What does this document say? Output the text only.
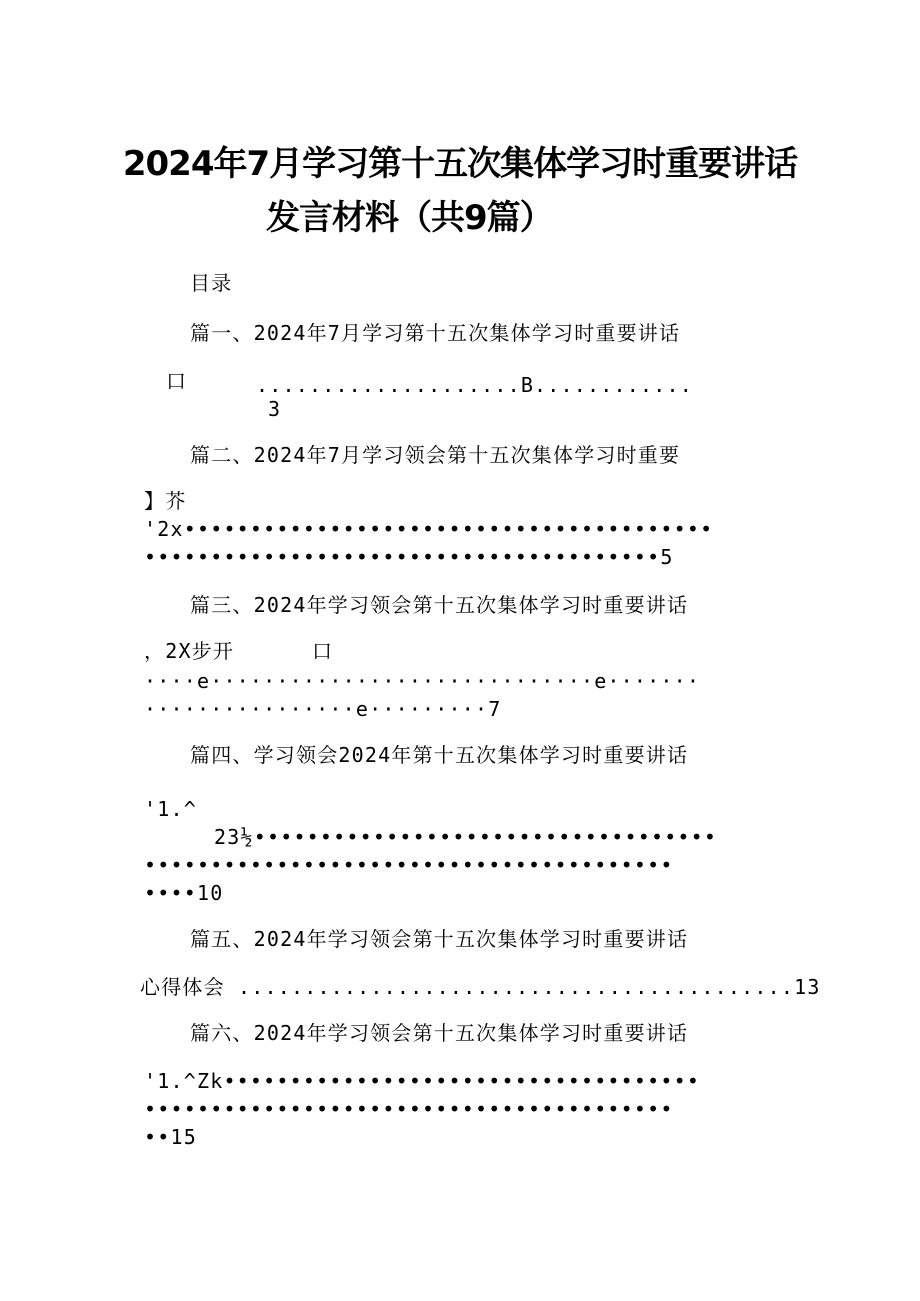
2024年7月学习第十五次集体学习时重要讲话
发言材料（共9篇）
目录
篇一、2024年7月学习第十五次集体学习时重要讲话
口	....................B............
3
篇二、2024年7月学习领会第十五次集体学习时重要
】芥
'2x••••••••••••••••••••••••••••••••••••••••
•••••••••••••••••••••••••••••••••••••••5
篇三、2024年学习领会第十五次集体学习时重要讲话
，2X步开	口
····e·····························e·······
················e·········7
篇四、学习领会2024年第十五次集体学习时重要讲话
'1.^
23½•••••••••••••••••••••••••••••••••••
••••••••••••••••••••••••••••••••••••••••
••••10
篇五、2024年学习领会第十五次集体学习时重要讲话
心得体会 ..........................................13
篇六、2024年学习领会第十五次集体学习时重要讲话
'1.^Zk••••••••••••••••••••••••••••••••••••
••••••••••••••••••••••••••••••••••••••••
••15
